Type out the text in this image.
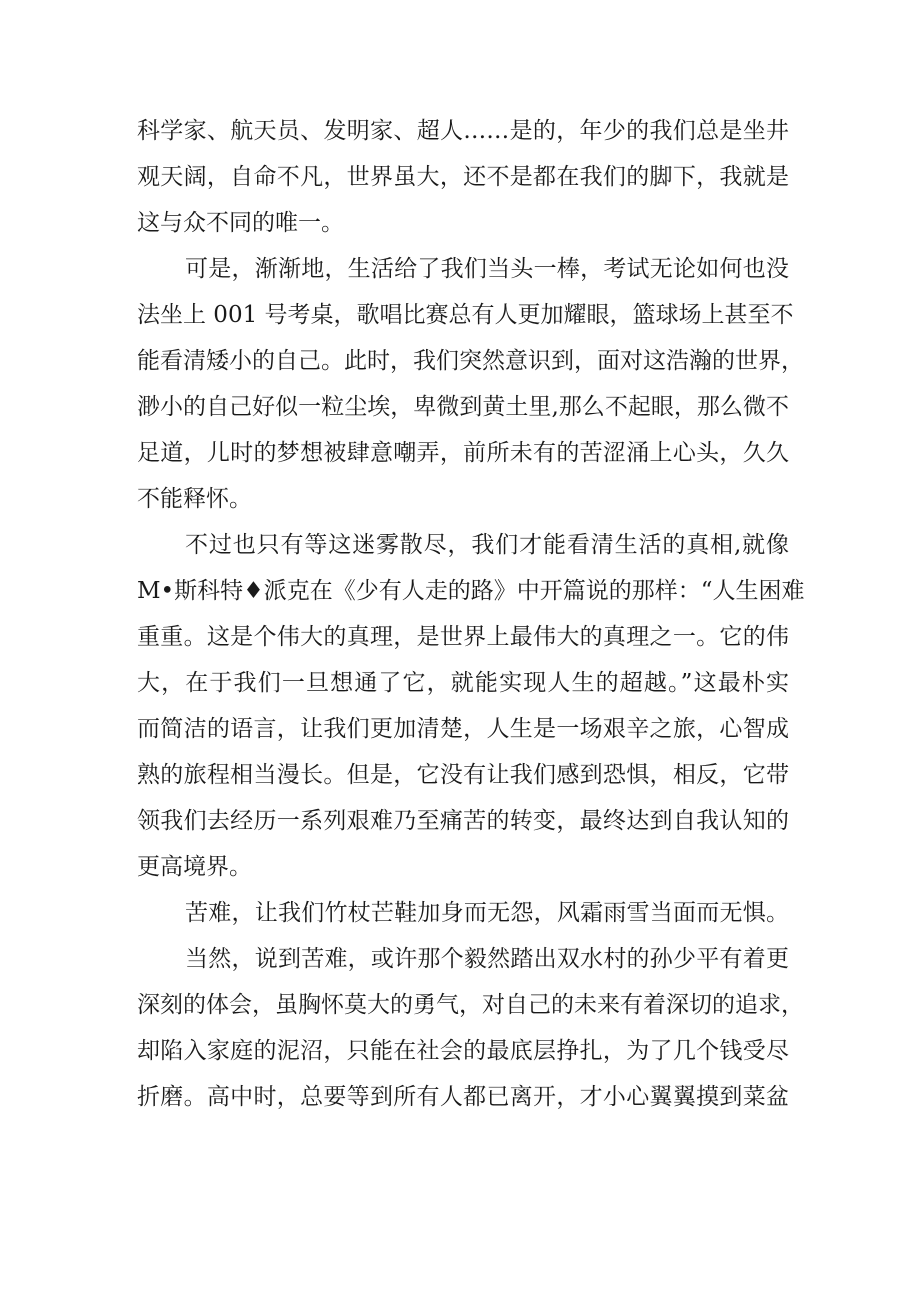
科学家、航天员、发明家、超人……是的，年少的我们总是坐井
观天阔，自命不凡，世界虽大，还不是都在我们的脚下，我就是
这与众不同的唯一。
可是，渐渐地，生活给了我们当头一棒，考试无论如何也没
法坐上 001 号考桌，歌唱比赛总有人更加耀眼，篮球场上甚至不
能看清矮小的自己。此时，我们突然意识到，面对这浩瀚的世界，
渺小的自己好似一粒尘埃，卑微到黄土里,那么不起眼，那么微不
足道，儿时的梦想被肆意嘲弄，前所未有的苦涩涌上心头，久久
不能释怀。
不过也只有等这迷雾散尽，我们才能看清生活的真相,就像
M•斯科特♦派克在《少有人走的路》中开篇说的那样：“人生困难
重重。这是个伟大的真理，是世界上最伟大的真理之一。它的伟
大，在于我们一旦想通了它，就能实现人生的超越。”这最朴实
而简洁的语言，让我们更加清楚，人生是一场艰辛之旅，心智成
熟的旅程相当漫长。但是，它没有让我们感到恐惧，相反，它带
领我们去经历一系列艰难乃至痛苦的转变，最终达到自我认知的
更高境界。
苦难，让我们竹杖芒鞋加身而无怨，风霜雨雪当面而无惧。
当然，说到苦难，或许那个毅然踏出双水村的孙少平有着更
深刻的体会，虽胸怀莫大的勇气，对自己的未来有着深切的追求，
却陷入家庭的泥沼，只能在社会的最底层挣扎，为了几个钱受尽
折磨。高中时，总要等到所有人都已离开，才小心翼翼摸到菜盆
